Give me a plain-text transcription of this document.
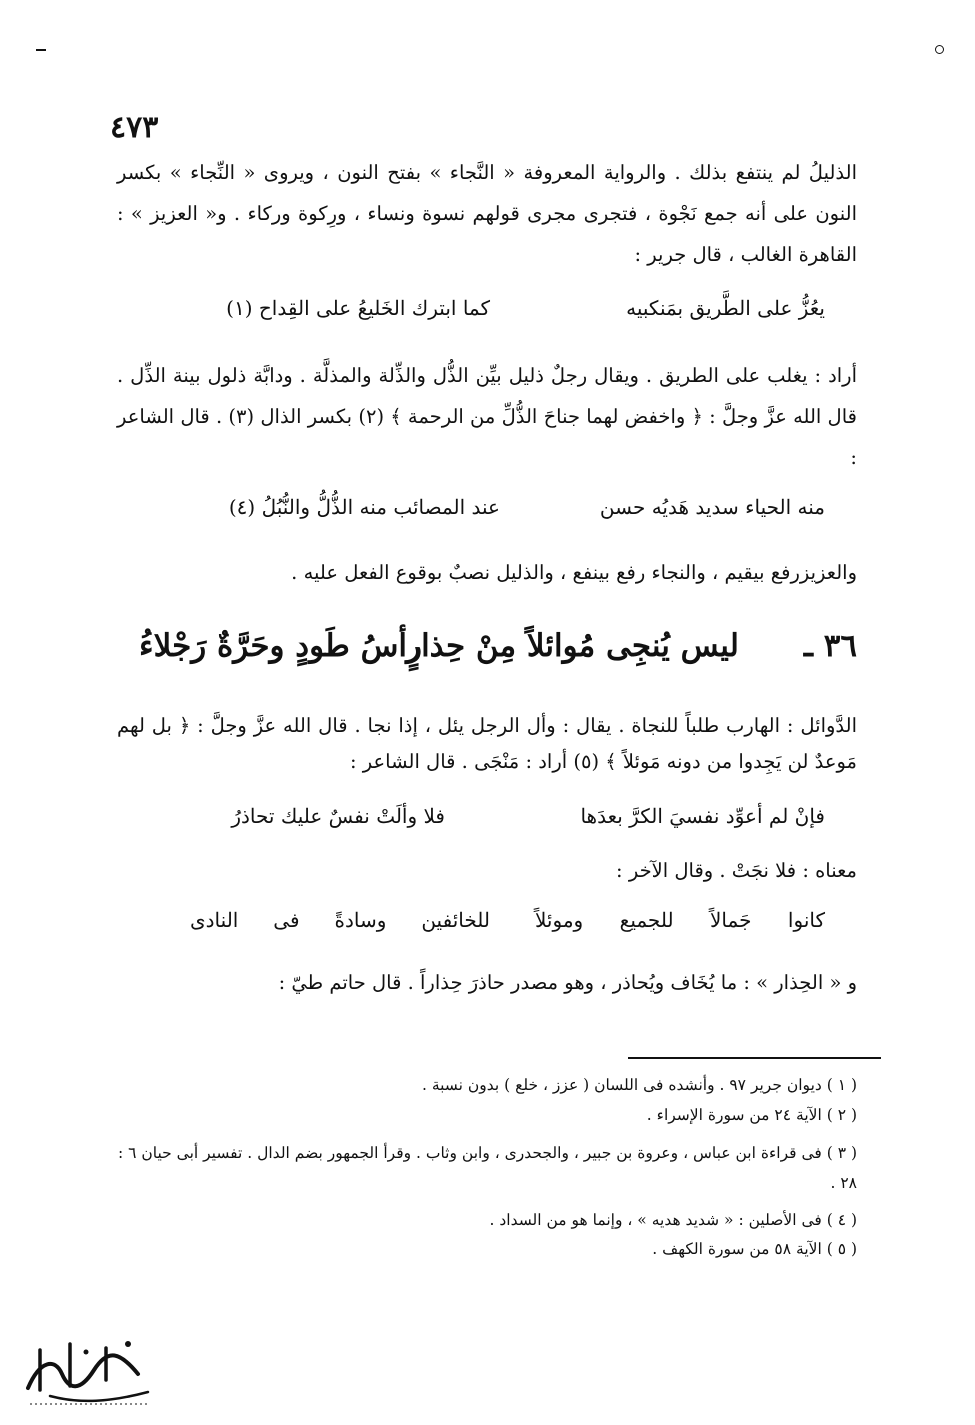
٤٧٣
الذليلُ لم ينتفع بذلك . والرواية المعروفة « النَّجاء » بفتح النون ، ويروى « النِّجاء » بكسر النون على أنه جمع نَجْوة ، فتجرى مجرى قولهم نسوة ونساء ، ورِكوة وركاء . و« العزيز » : القاهرة الغالب ، قال جرير :
يعُزُّ على الطَّريق بمَنكبيه
كما ابترك الخَليعُ على القِداح (١)
أراد : يغلب على الطريق . ويقال رجلٌ ذليل بيِّن الذُّل والذِّلة والمذلَّة . ودابَّة ذلول بينة الذِّل . قال الله عزَّ وجلَّ : ﴿ واخفض لهما جناحَ الذُّلِّ من الرحمة ﴾ (٢) بكسر الذال (٣) . قال الشاعر :
منه الحياء سديد هَديُه حسن
عند المصائب منه الذُّلُّ والنُّبُلُ (٤)
والعزيزرفع بيقيم ، والنجاء رفع بينفع ، والذليل نصبٌ بوقوع الفعل عليه .
٣٦ ـ
ليس يُنجِى مُوائلاً مِنْ حِذارٍ
رأسُ طَودٍ وحَرَّةٌ رَجْلاءُ
الدَّوائل : الهارب طلباً للنجاة . يقال : وأل الرجل يئل ، إذا نجا . قال الله عزَّ وجلَّ : ﴿ بل لهم مَوعدٌ لن يَجِدوا من دونه مَوئلاً ﴾ (٥) أراد : مَنْجَى . قال الشاعر :
فإنْ لم أعوِّد نفسيَ الكرَّ بعدَها
فلا وألَتْ نفسٌ عليك تحاذرُ
معناه : فلا نجَتْ . وقال الآخر :
كانوا جَمالاً للجميع وموئلاً
للخائفين وسادةً فى النادى
و « الحِذار » : ما يُخَاف ويُحاذر ، وهو مصدر حاذرَ حِذاراً . قال حاتم طيّ :
( ١ ) ديوان جرير ٩٧ . وأنشده فى اللسان ( عزز ، خلع ) بدون نسبة .
( ٢ ) الآية ٢٤ من سورة الإسراء .
( ٣ ) فى قراءة ابن عباس ، وعروة بن جبير ، والجحدرى ، وابن وثاب . وقرأ الجمهور بضم الدال . تفسير أبى حيان ٦ : ٢٨ .
( ٤ ) فى الأصلين : « شديد هديه » ، وإنما هو من السداد .
( ٥ ) الآية ٥٨ من سورة الكهف .
